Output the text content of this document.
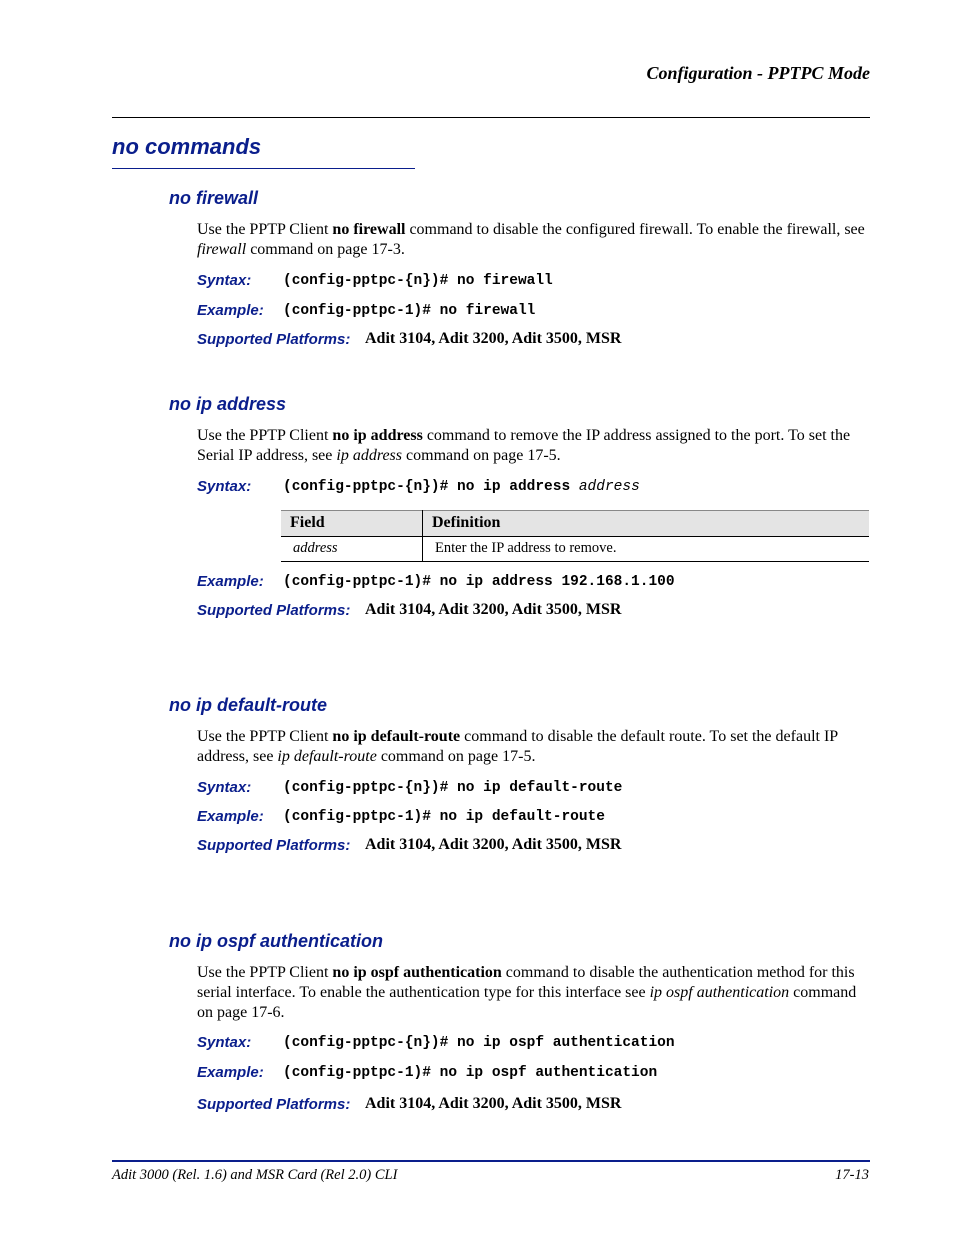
Configuration - PPTPC Mode
no commands
no firewall
Use the PPTP Client no firewall command to disable the configured firewall. To enable the firewall, see firewall command on page 17-3.
Syntax: (config-pptpc-{n})# no firewall
Example: (config-pptpc-1)# no firewall
Supported Platforms: Adit 3104, Adit 3200, Adit 3500, MSR
no ip address
Use the PPTP Client no ip address command to remove the IP address assigned to the port. To set the Serial IP address, see ip address command on page 17-5.
Syntax: (config-pptpc-{n})# no ip address address
Field	Definition
address	Enter the IP address to remove.
Example: (config-pptpc-1)# no ip address 192.168.1.100
Supported Platforms: Adit 3104, Adit 3200, Adit 3500, MSR
no ip default-route
Use the PPTP Client no ip default-route command to disable the default route. To set the default IP address, see ip default-route command on page 17-5.
Syntax: (config-pptpc-{n})# no ip default-route
Example: (config-pptpc-1)# no ip default-route
Supported Platforms: Adit 3104, Adit 3200, Adit 3500, MSR
no ip ospf authentication
Use the PPTP Client no ip ospf authentication command to disable the authentication method for this serial interface. To enable the authentication type for this interface see ip ospf authentication command on page 17-6.
Syntax: (config-pptpc-{n})# no ip ospf authentication
Example: (config-pptpc-1)# no ip ospf authentication
Supported Platforms: Adit 3104, Adit 3200, Adit 3500, MSR
Adit 3000 (Rel. 1.6) and MSR Card (Rel 2.0) CLI	17-13
